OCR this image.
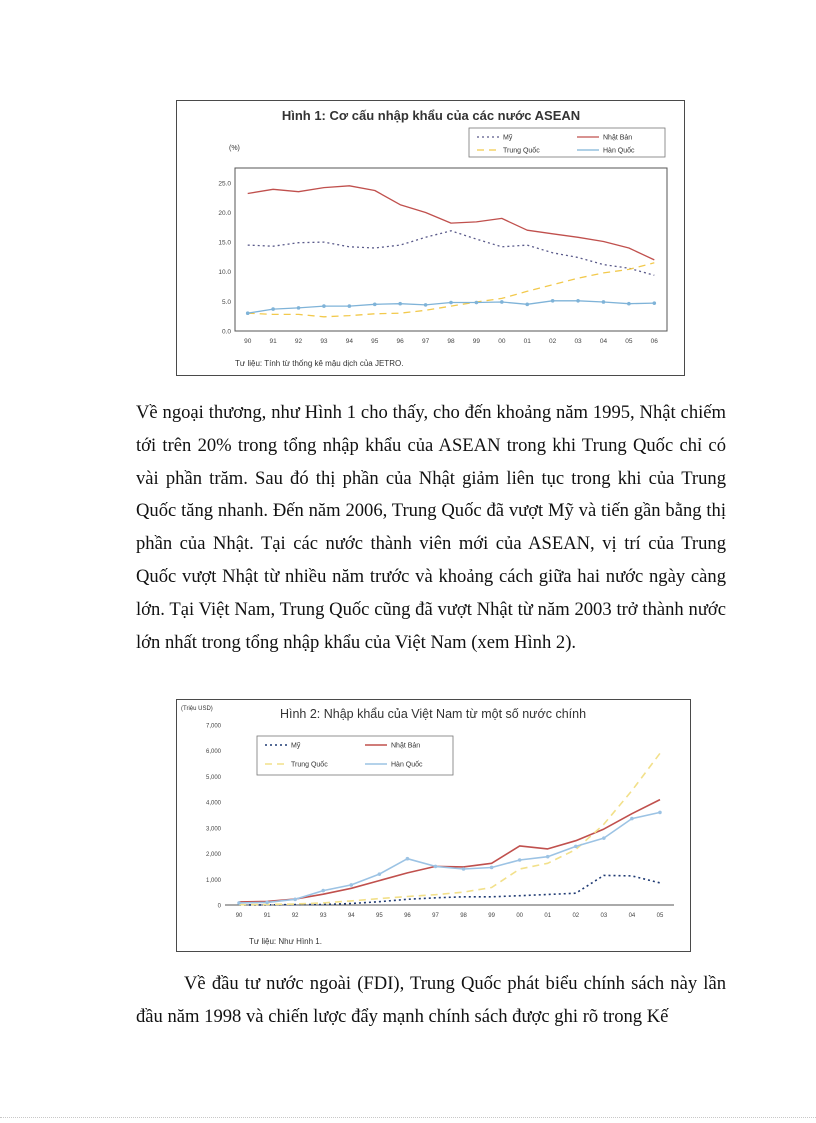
Hình 1: Cơ cấu nhập khẩu của các nước ASEAN
(%)
Tư liệu: Tính từ thống kê mậu dịch của JETRO.
0.0
5.0
10.0
15.0
20.0
25.0
90	91	92	93	94	95	96	97	98	99	00	01	02	03	04	05	06
Mỹ	Nhật Bản
Trung Quốc	Hàn Quốc

Về ngoại thương, như Hình 1 cho thấy, cho đến khoảng năm 1995, Nhật chiếm tới trên 20% trong tổng nhập khẩu của ASEAN trong khi Trung Quốc chỉ có vài phần trăm. Sau đó thị phần của Nhật giảm liên tục trong khi của Trung Quốc tăng nhanh. Đến năm 2006, Trung Quốc đã vượt Mỹ và tiến gần bằng thị phần của Nhật. Tại các nước thành viên mới của ASEAN, vị trí của Trung Quốc vượt Nhật từ nhiều năm trước và khoảng cách giữa hai nước ngày càng lớn. Tại Việt Nam, Trung Quốc cũng đã vượt Nhật từ năm 2003 trở thành nước lớn nhất trong tổng nhập khẩu của Việt Nam (xem Hình 2).

Hình 2: Nhập khẩu của Việt Nam từ một số nước chính
(Triệu USD)
Tư liệu: Như Hình 1.
0
1,000
2,000
3,000
4,000
5,000
6,000
7,000
90	91	92	93	94	95	96	97	98	99	00	01	02	03	04	05
Mỹ	Nhật Bản
Trung Quốc	Hàn Quốc

Về đầu tư nước ngoài (FDI), Trung Quốc phát biểu chính sách này lần đầu năm 1998 và chiến lược đẩy mạnh chính sách được ghi rõ trong Kế
